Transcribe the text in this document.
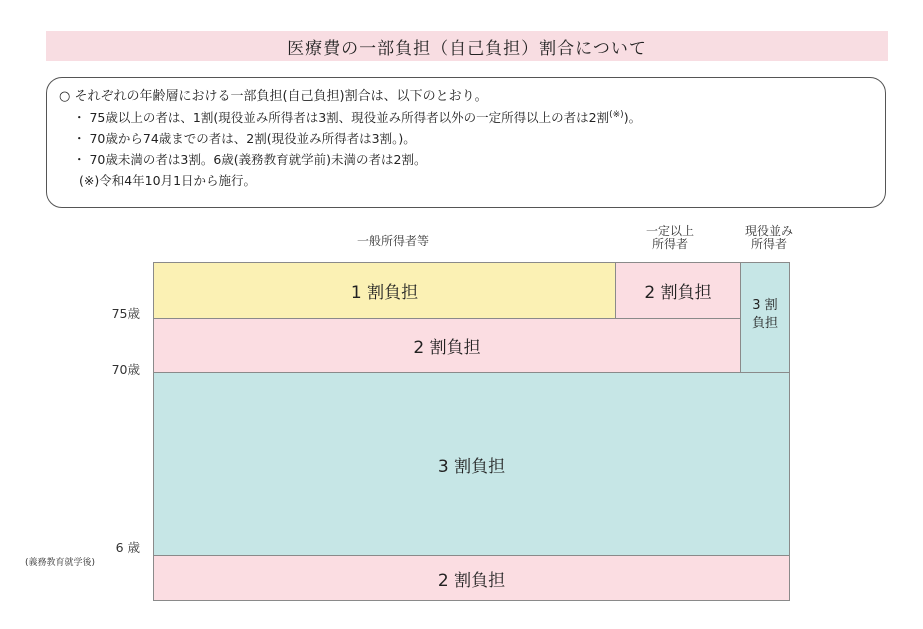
医療費の一部負担（自己負担）割合について
○ それぞれの年齢層における一部負担(自己負担)割合は、以下のとおり。
・ 75歳以上の者は、1割(現役並み所得者は3割、現役並み所得者以外の一定所得以上の者は2割(※))。
・ 70歳から74歳までの者は、2割(現役並み所得者は3割。)。
・ 70歳未満の者は3割。6歳(義務教育就学前)未満の者は2割。
(※)令和4年10月1日から施行。
一般所得者等
一定以上
所得者
現役並み
所得者
75歳
70歳
6 歳
(義務教育就学後)
1 割負担	2 割負担
3 割
負担
2 割負担
3 割負担
2 割負担
